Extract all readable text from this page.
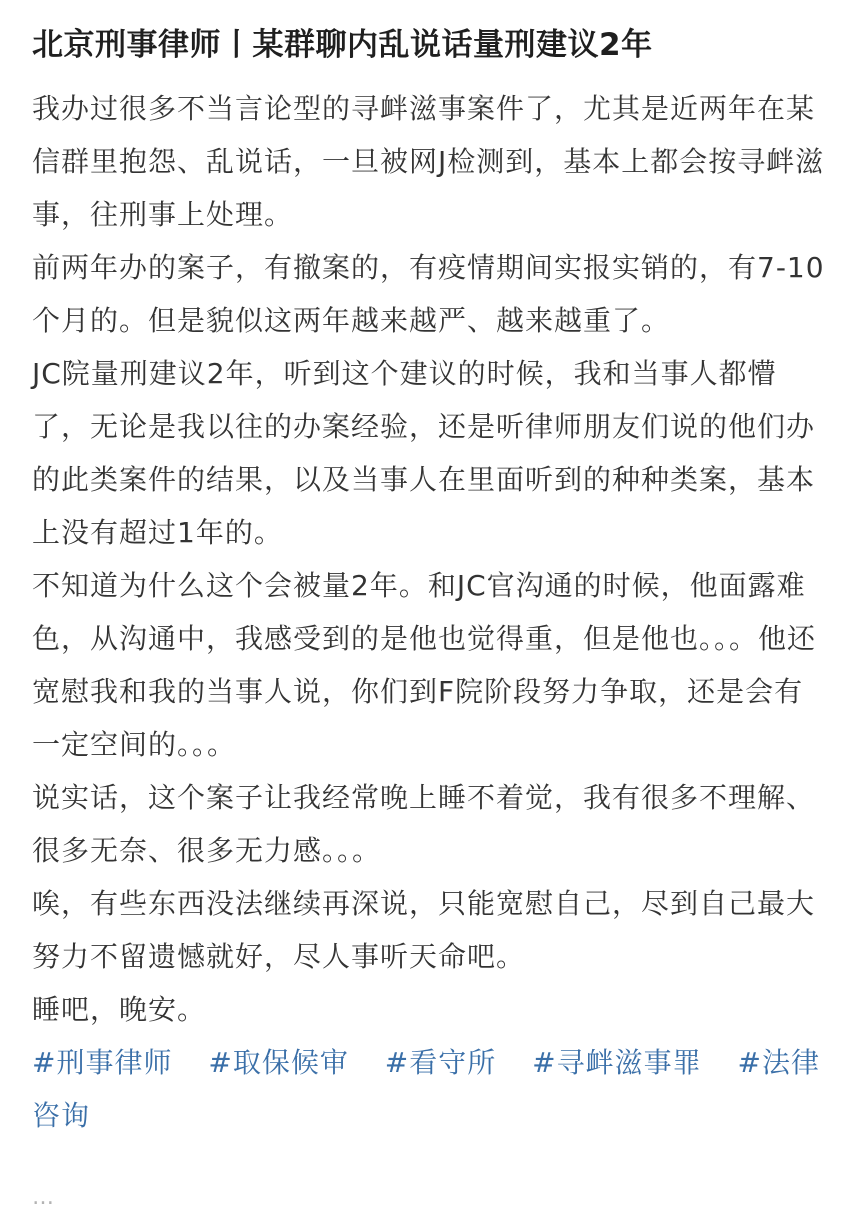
北京刑事律师丨某群聊内乱说话量刑建议2年

我办过很多不当言论型的寻衅滋事案件了，尤其是近两年在某信群里抱怨、乱说话，一旦被网J检测到，基本上都会按寻衅滋事，往刑事上处理。

前两年办的案子，有撤案的，有疫情期间实报实销的，有7-10个月的。但是貌似这两年越来越严、越来越重了。

JC院量刑建议2年，听到这个建议的时候，我和当事人都懵了，无论是我以往的办案经验，还是听律师朋友们说的他们办的此类案件的结果，以及当事人在里面听到的种种类案，基本上没有超过1年的。

不知道为什么这个会被量2年。和JC官沟通的时候，他面露难色，从沟通中，我感受到的是他也觉得重，但是他也。。。他还宽慰我和我的当事人说，你们到F院阶段努力争取，还是会有一定空间的。。。

说实话，这个案子让我经常晚上睡不着觉，我有很多不理解、很多无奈、很多无力感。。。

唉，有些东西没法继续再深说，只能宽慰自己，尽到自己最大努力不留遗憾就好，尽人事听天命吧。

睡吧，晚安。

#刑事律师 #取保候审 #看守所 #寻衅滋事罪 #法律咨询
…
